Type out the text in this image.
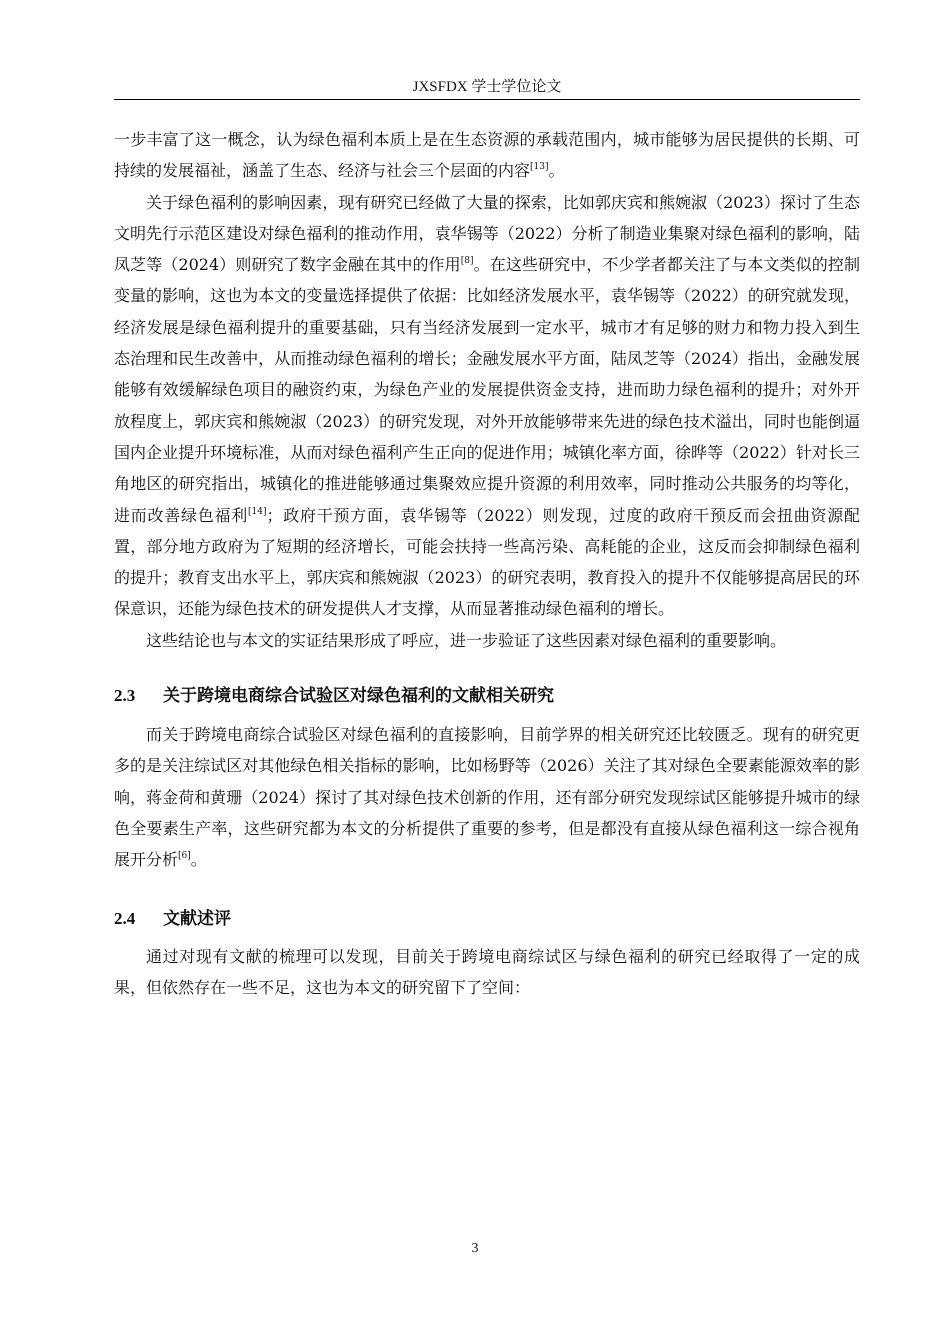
JXSFDX 学士学位论文

一步丰富了这一概念，认为绿色福利本质上是在生态资源的承载范围内，城市能够为居民提供的长期、可持续的发展福祉，涵盖了生态、经济与社会三个层面的内容[13]。

关于绿色福利的影响因素，现有研究已经做了大量的探索，比如郭庆宾和熊婉淑（2023）探讨了生态文明先行示范区建设对绿色福利的推动作用，袁华锡等（2022）分析了制造业集聚对绿色福利的影响，陆凤芝等（2024）则研究了数字金融在其中的作用[8]。在这些研究中，不少学者都关注了与本文类似的控制变量的影响，这也为本文的变量选择提供了依据：比如经济发展水平，袁华锡等（2022）的研究就发现，经济发展是绿色福利提升的重要基础，只有当经济发展到一定水平，城市才有足够的财力和物力投入到生态治理和民生改善中，从而推动绿色福利的增长；金融发展水平方面，陆凤芝等（2024）指出，金融发展能够有效缓解绿色项目的融资约束，为绿色产业的发展提供资金支持，进而助力绿色福利的提升；对外开放程度上，郭庆宾和熊婉淑（2023）的研究发现，对外开放能够带来先进的绿色技术溢出，同时也能倒逼国内企业提升环境标准，从而对绿色福利产生正向的促进作用；城镇化率方面，徐晔等（2022）针对长三角地区的研究指出，城镇化的推进能够通过集聚效应提升资源的利用效率，同时推动公共服务的均等化，进而改善绿色福利[14]；政府干预方面，袁华锡等（2022）则发现，过度的政府干预反而会扭曲资源配置，部分地方政府为了短期的经济增长，可能会扶持一些高污染、高耗能的企业，这反而会抑制绿色福利的提升；教育支出水平上，郭庆宾和熊婉淑（2023）的研究表明，教育投入的提升不仅能够提高居民的环保意识，还能为绿色技术的研发提供人才支撑，从而显著推动绿色福利的增长。

这些结论也与本文的实证结果形成了呼应，进一步验证了这些因素对绿色福利的重要影响。

2.3 关于跨境电商综合试验区对绿色福利的文献相关研究

而关于跨境电商综合试验区对绿色福利的直接影响，目前学界的相关研究还比较匮乏。现有的研究更多的是关注综试区对其他绿色相关指标的影响，比如杨野等（2026）关注了其对绿色全要素能源效率的影响，蒋金荷和黄珊（2024）探讨了其对绿色技术创新的作用，还有部分研究发现综试区能够提升城市的绿色全要素生产率，这些研究都为本文的分析提供了重要的参考，但是都没有直接从绿色福利这一综合视角展开分析[6]。

2.4 文献述评

通过对现有文献的梳理可以发现，目前关于跨境电商综试区与绿色福利的研究已经取得了一定的成果，但依然存在一些不足，这也为本文的研究留下了空间：

3
